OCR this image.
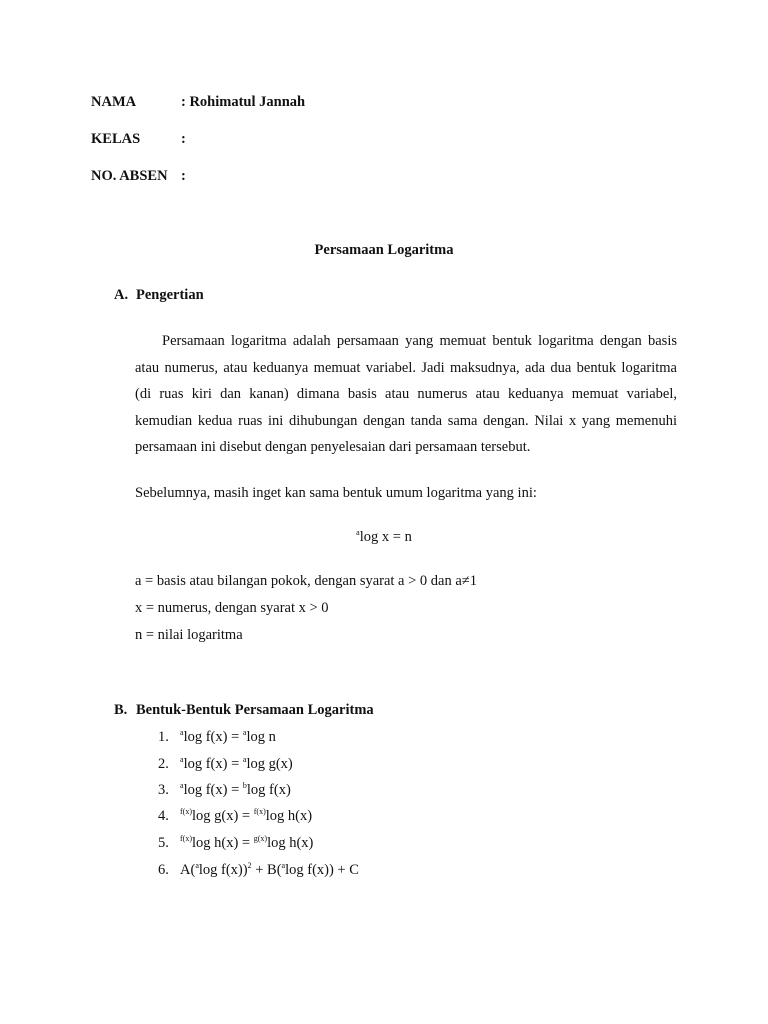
NAMA	: Rohimatul Jannah
KELAS	:
NO. ABSEN :
Persamaan Logaritma
A. Pengertian

Persamaan logaritma adalah persamaan yang memuat bentuk logaritma dengan basis atau numerus, atau keduanya memuat variabel. Jadi maksudnya, ada dua bentuk logaritma (di ruas kiri dan kanan) dimana basis atau numerus atau keduanya memuat variabel, kemudian kedua ruas ini dihubungan dengan tanda sama dengan. Nilai x yang memenuhi persamaan ini disebut dengan penyelesaian dari persamaan tersebut.

Sebelumnya, masih inget kan sama bentuk umum logaritma yang ini:
$^a$log x = n
a = basis atau bilangan pokok, dengan syarat a > 0 dan a≠1
x = numerus, dengan syarat x > 0
n = nilai logaritma
B. Bentuk-Bentuk Persamaan Logaritma
1. $^a$log f(x) = $^a$log n
2. $^a$log f(x) = $^a$log g(x)
3. $^a$log f(x) = $^b$log f(x)
4. $^{f(x)}$log g(x) = $^{f(x)}$log h(x)
5. $^{f(x)}$log h(x) = $^{g(x)}$log h(x)
6. A($^a$log f(x))$^2$ + B($^a$log f(x)) + C
